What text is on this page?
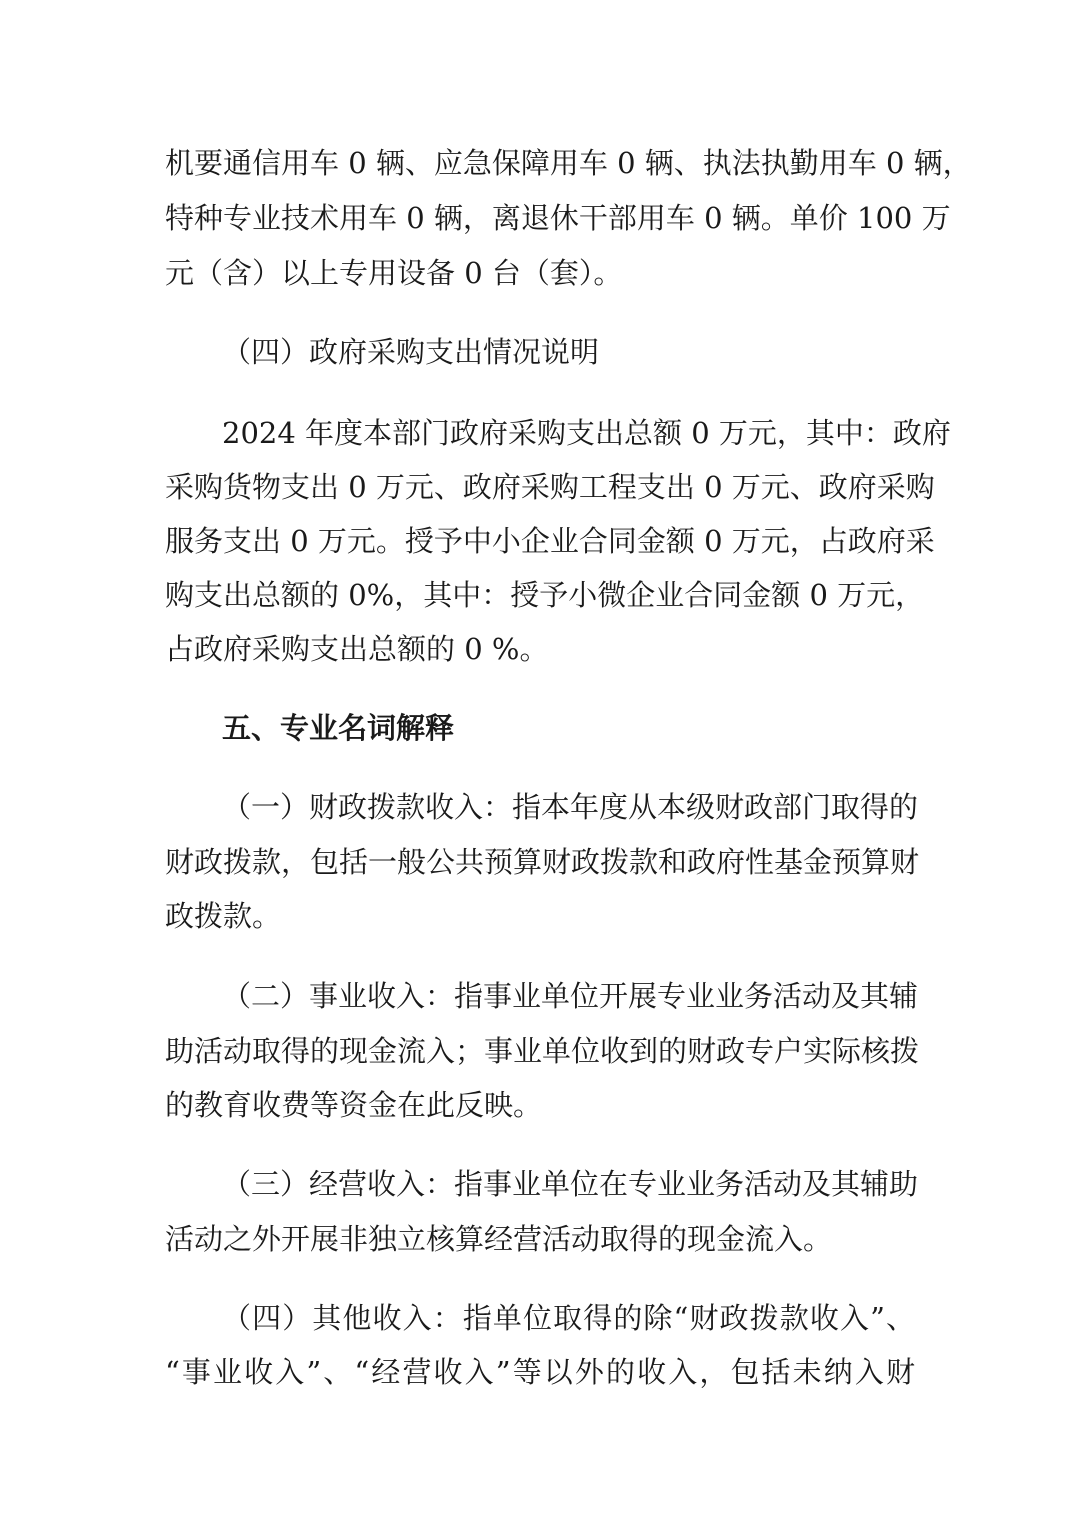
机要通信用车 0 辆、应急保障用车 0 辆、执法执勤用车 0 辆，
特种专业技术用车 0 辆，离退休干部用车 0 辆。单价 100 万
元（含）以上专用设备 0 台（套）。
（四）政府采购支出情况说明
2024 年度本部门政府采购支出总额 0 万元，其中：政府
采购货物支出 0 万元、政府采购工程支出 0 万元、政府采购
服务支出 0 万元。授予中小企业合同金额 0 万元，占政府采
购支出总额的 0%，其中：授予小微企业合同金额 0 万元，
占政府采购支出总额的 0 %。
五、专业名词解释
（一）财政拨款收入：指本年度从本级财政部门取得的
财政拨款，包括一般公共预算财政拨款和政府性基金预算财
政拨款。
（二）事业收入：指事业单位开展专业业务活动及其辅
助活动取得的现金流入；事业单位收到的财政专户实际核拨
的教育收费等资金在此反映。
（三）经营收入：指事业单位在专业业务活动及其辅助
活动之外开展非独立核算经营活动取得的现金流入。
（四）其他收入：指单位取得的除“财政拨款收入”、
“事业收入”、“经营收入”等以外的收入，包括未纳入财
